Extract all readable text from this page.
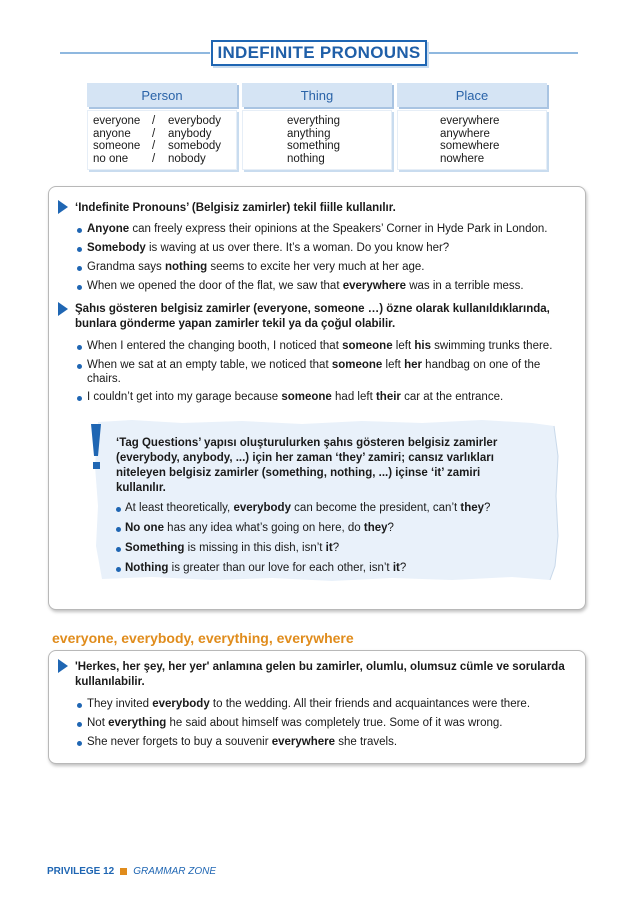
INDEFINITE PRONOUNS
Person	Thing	Place
everyone / everybody
anyone / anybody
someone / somebody
no one / nobody
everything
anything
something
nothing
everywhere
anywhere
somewhere
nowhere
‘Indefinite Pronouns’ (Belgisiz zamirler) tekil fiille kullanılır.
Anyone can freely express their opinions at the Speakers’ Corner in Hyde Park in London.
Somebody is waving at us over there. It’s a woman. Do you know her?
Grandma says nothing seems to excite her very much at her age.
When we opened the door of the flat, we saw that everywhere was in a terrible mess.
Şahıs gösteren belgisiz zamirler (everyone, someone …) özne olarak kullanıldıklarında,
bunlara gönderme yapan zamirler tekil ya da çoğul olabilir.
When I entered the changing booth, I noticed that someone left his swimming trunks there.
When we sat at an empty table, we noticed that someone left her handbag on one of the
chairs.
I couldn’t get into my garage because someone had left their car at the entrance.
‘Tag Questions’ yapısı oluşturulurken şahıs gösteren belgisiz zamirler
(everybody, anybody, ...) için her zaman ‘they’ zamiri; cansız varlıkları
niteleyen belgisiz zamirler (something, nothing, ...) içinse ‘it’ zamiri
kullanılır.
At least theoretically, everybody can become the president, can’t they?
No one has any idea what’s going on here, do they?
Something is missing in this dish, isn’t it?
Nothing is greater than our love for each other, isn’t it?
everyone, everybody, everything, everywhere
'Herkes, her şey, her yer' anlamına gelen bu zamirler, olumlu, olumsuz cümle ve sorularda
kullanılabilir.
They invited everybody to the wedding. All their friends and acquaintances were there.
Not everything he said about himself was completely true. Some of it was wrong.
She never forgets to buy a souvenir everywhere she travels.
PRIVILEGE 12 GRAMMAR ZONE
